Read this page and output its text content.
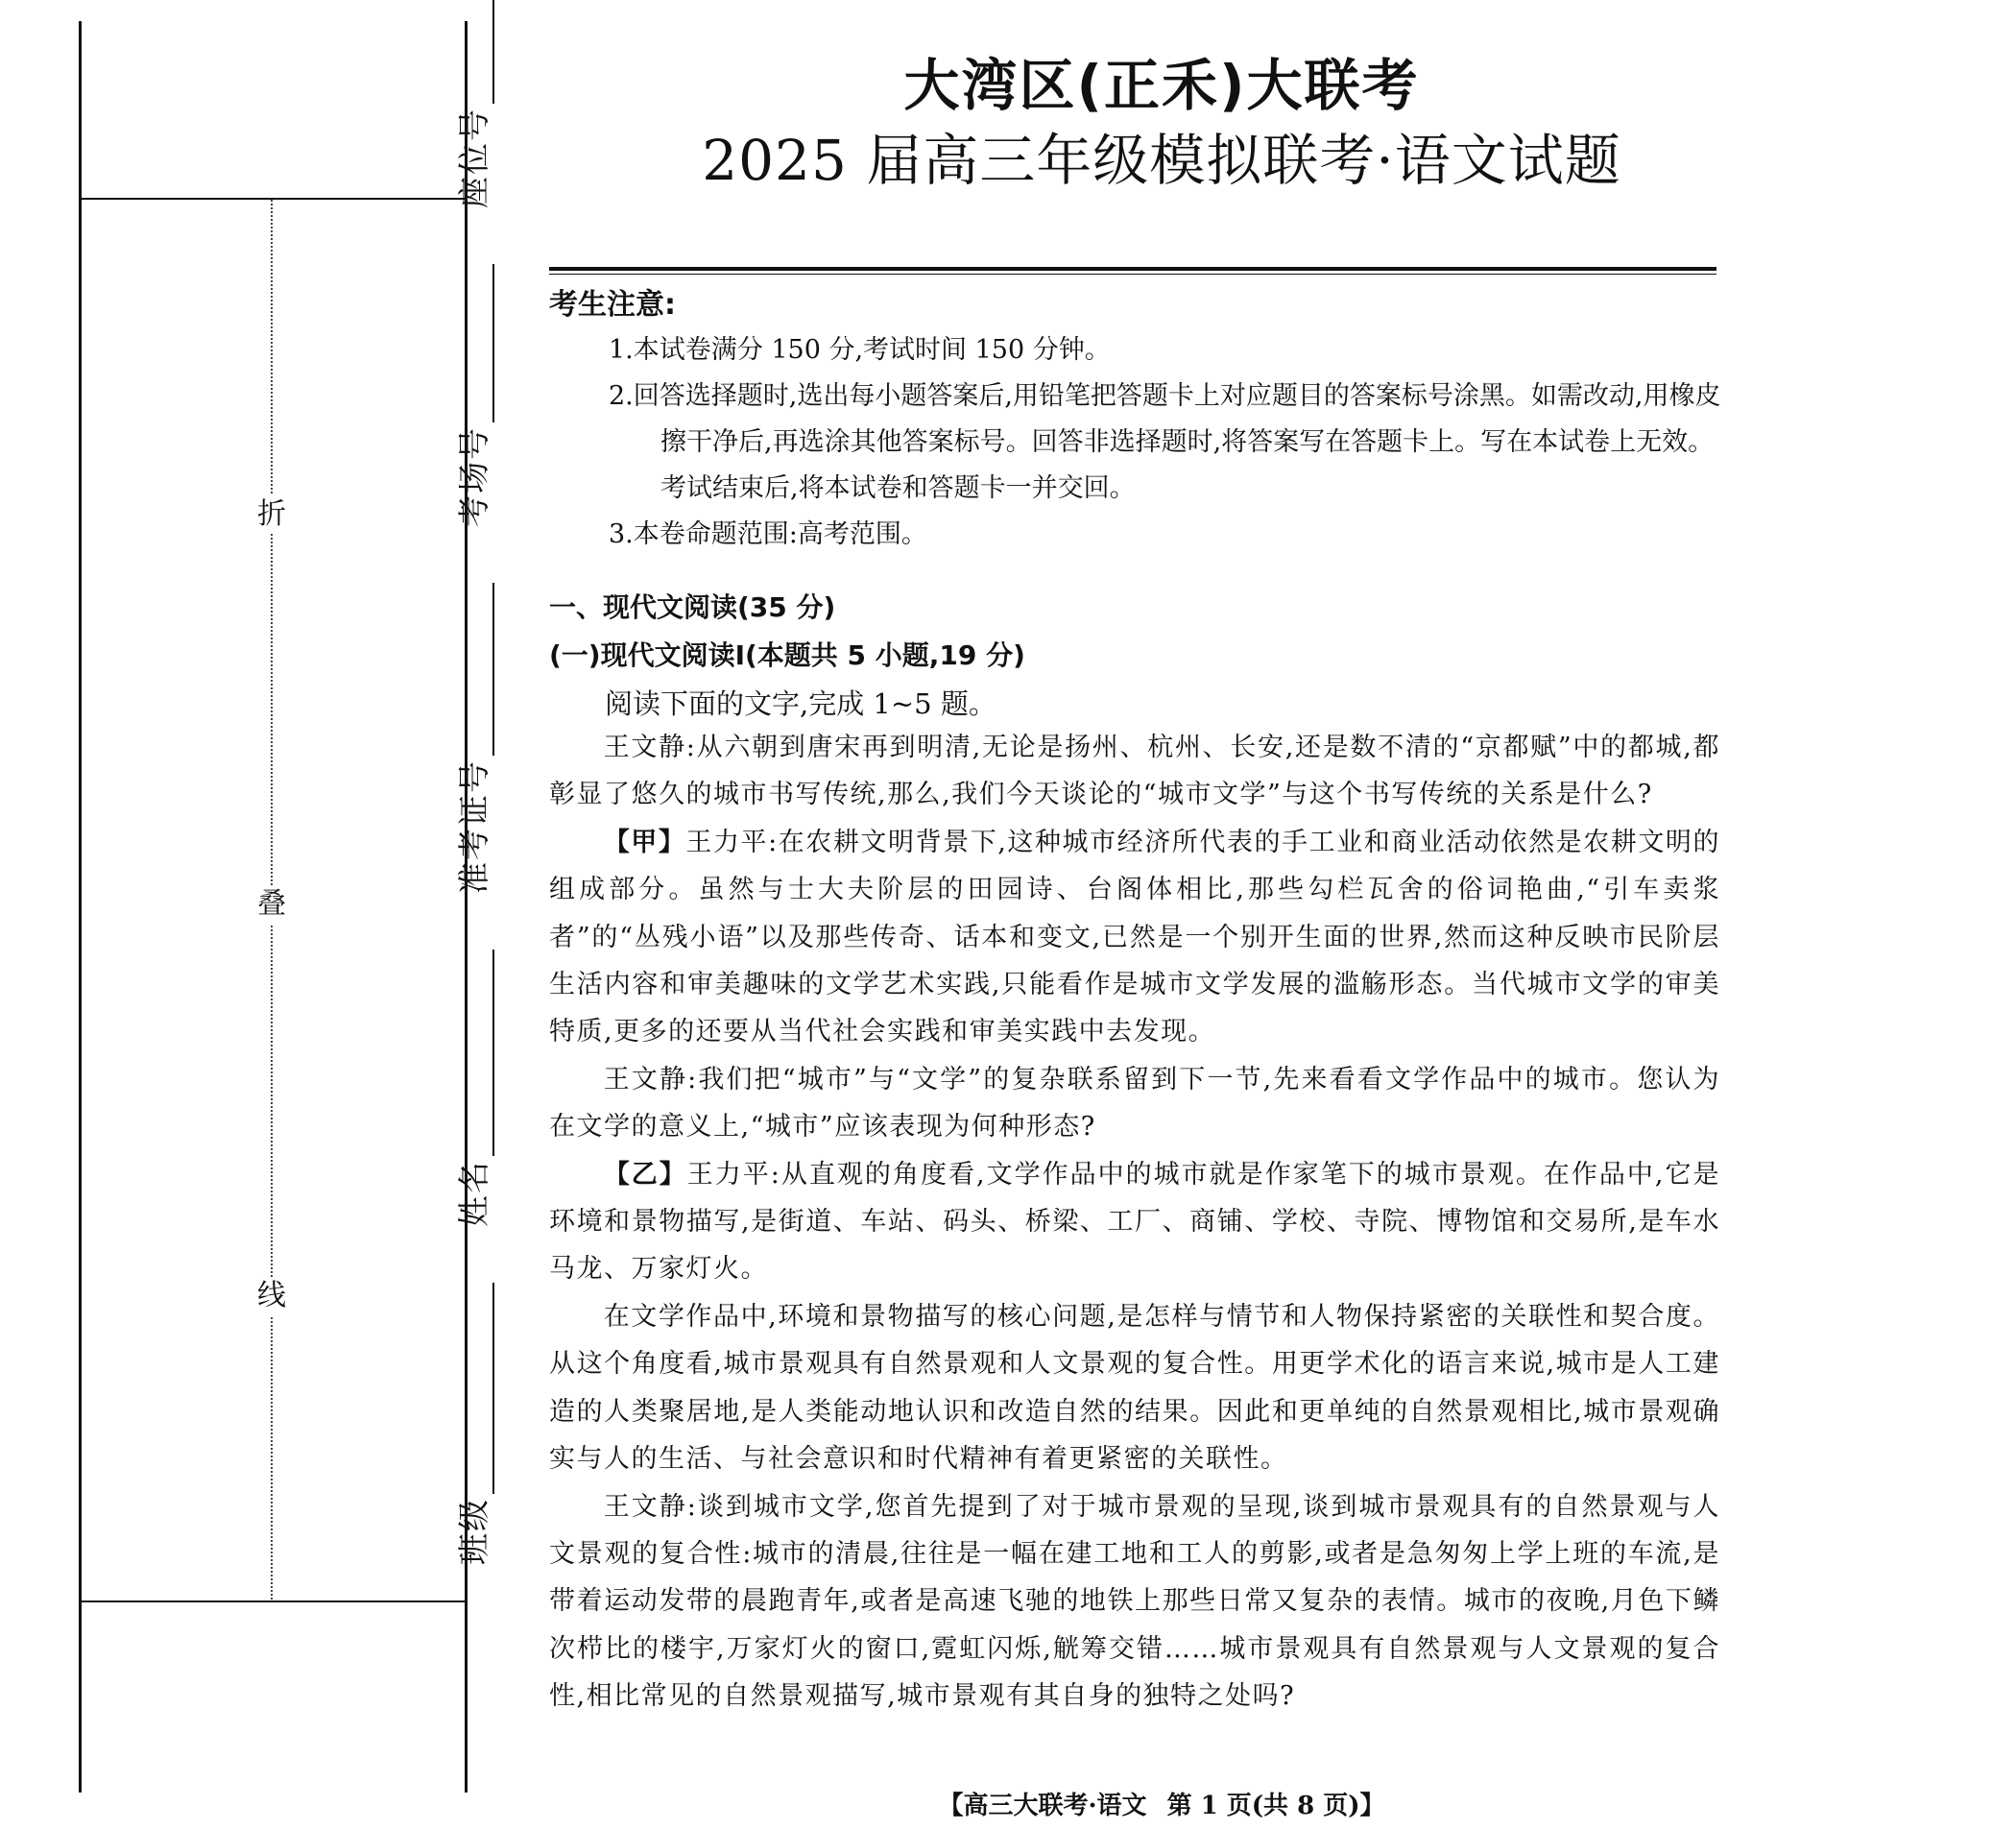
折
叠
线
班级
姓名
准考证号
考场号
座位号
大湾区(正禾)大联考
2025 届高三年级模拟联考·语文试题
考生注意:
1.本试卷满分 150 分,考试时间 150 分钟。
2.回答选择题时,选出每小题答案后,用铅笔把答题卡上对应题目的答案标号涂黑。如需改动,用橡皮擦干净后,再选涂其他答案标号。回答非选择题时,将答案写在答题卡上。写在本试卷上无效。考试结束后,将本试卷和答题卡一并交回。
3.本卷命题范围:高考范围。
一、现代文阅读(35 分)
(一)现代文阅读Ⅰ(本题共 5 小题,19 分)
阅读下面的文字,完成 1~5 题。

王文静:从六朝到唐宋再到明清,无论是扬州、杭州、长安,还是数不清的“京都赋”中的都城,都彰显了悠久的城市书写传统,那么,我们今天谈论的“城市文学”与这个书写传统的关系是什么?

【甲】王力平:在农耕文明背景下,这种城市经济所代表的手工业和商业活动依然是农耕文明的组成部分。虽然与士大夫阶层的田园诗、台阁体相比,那些勾栏瓦舍的俗词艳曲,“引车卖浆者”的“丛残小语”以及那些传奇、话本和变文,已然是一个别开生面的世界,然而这种反映市民阶层生活内容和审美趣味的文学艺术实践,只能看作是城市文学发展的滥觞形态。当代城市文学的审美特质,更多的还要从当代社会实践和审美实践中去发现。

王文静:我们把“城市”与“文学”的复杂联系留到下一节,先来看看文学作品中的城市。您认为在文学的意义上,“城市”应该表现为何种形态?

【乙】王力平:从直观的角度看,文学作品中的城市就是作家笔下的城市景观。在作品中,它是环境和景物描写,是街道、车站、码头、桥梁、工厂、商铺、学校、寺院、博物馆和交易所,是车水马龙、万家灯火。

在文学作品中,环境和景物描写的核心问题,是怎样与情节和人物保持紧密的关联性和契合度。从这个角度看,城市景观具有自然景观和人文景观的复合性。用更学术化的语言来说,城市是人工建造的人类聚居地,是人类能动地认识和改造自然的结果。因此和更单纯的自然景观相比,城市景观确实与人的生活、与社会意识和时代精神有着更紧密的关联性。

王文静:谈到城市文学,您首先提到了对于城市景观的呈现,谈到城市景观具有的自然景观与人文景观的复合性:城市的清晨,往往是一幅在建工地和工人的剪影,或者是急匆匆上学上班的车流,是带着运动发带的晨跑青年,或者是高速飞驰的地铁上那些日常又复杂的表情。城市的夜晚,月色下鳞次栉比的楼宇,万家灯火的窗口,霓虹闪烁,觥筹交错……城市景观具有自然景观与人文景观的复合性,相比常见的自然景观描写,城市景观有其自身的独特之处吗?

【高三大联考·语文 第 1 页(共 8 页)】
